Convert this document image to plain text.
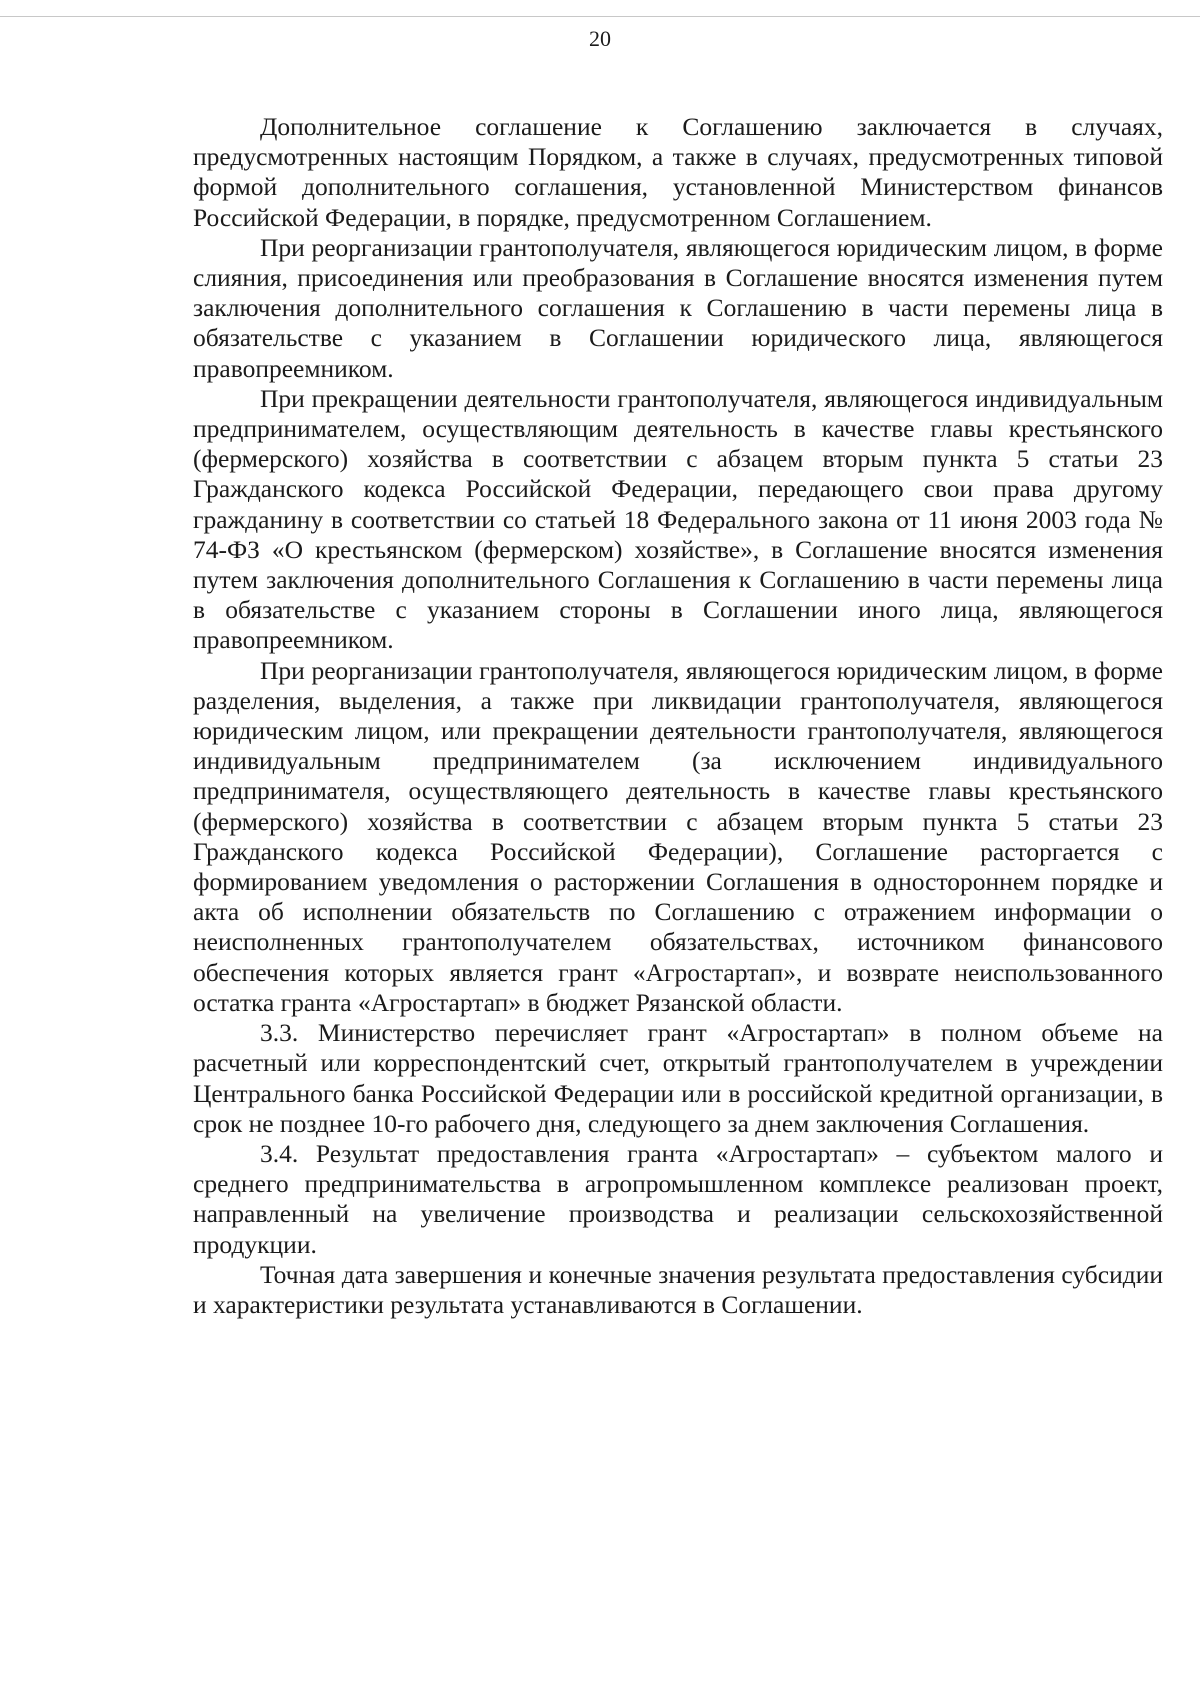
20

Дополнительное соглашение к Соглашению заключается в случаях, предусмотренных настоящим Порядком, а также в случаях, предусмотренных типовой формой дополнительного соглашения, установленной Министерством финансов Российской Федерации, в порядке, предусмотренном Соглашением.

При реорганизации грантополучателя, являющегося юридическим лицом, в форме слияния, присоединения или преобразования в Соглашение вносятся изменения путем заключения дополнительного соглашения к Соглашению в части перемены лица в обязательстве с указанием в Соглашении юридического лица, являющегося правопреемником.

При прекращении деятельности грантополучателя, являющегося индивидуальным предпринимателем, осуществляющим деятельность в качестве главы крестьянского (фермерского) хозяйства в соответствии с абзацем вторым пункта 5 статьи 23 Гражданского кодекса Российской Федерации, передающего свои права другому гражданину в соответствии со статьей 18 Федерального закона от 11 июня 2003 года № 74-ФЗ «О крестьянском (фермерском) хозяйстве», в Соглашение вносятся изменения путем заключения дополнительного Соглашения к Соглашению в части перемены лица в обязательстве с указанием стороны в Соглашении иного лица, являющегося правопреемником.

При реорганизации грантополучателя, являющегося юридическим лицом, в форме разделения, выделения, а также при ликвидации грантополучателя, являющегося юридическим лицом, или прекращении деятельности грантополучателя, являющегося индивидуальным предпринимателем (за исключением индивидуального предпринимателя, осуществляющего деятельность в качестве главы крестьянского (фермерского) хозяйства в соответствии с абзацем вторым пункта 5 статьи 23 Гражданского кодекса Российской Федерации), Соглашение расторгается с формированием уведомления о расторжении Соглашения в одностороннем порядке и акта об исполнении обязательств по Соглашению с отражением информации о неисполненных грантополучателем обязательствах, источником финансового обеспечения которых является грант «Агростартап», и возврате неиспользованного остатка гранта «Агростартап» в бюджет Рязанской области.

3.3. Министерство перечисляет грант «Агростартап» в полном объеме на расчетный или корреспондентский счет, открытый грантополучателем в учреждении Центрального банка Российской Федерации или в российской кредитной организации, в срок не позднее 10-го рабочего дня, следующего за днем заключения Соглашения.

3.4. Результат предоставления гранта «Агростартап» – субъектом малого и среднего предпринимательства в агропромышленном комплексе реализован проект, направленный на увеличение производства и реализации сельскохозяйственной продукции.

Точная дата завершения и конечные значения результата предоставления субсидии и характеристики результата устанавливаются в Соглашении.
